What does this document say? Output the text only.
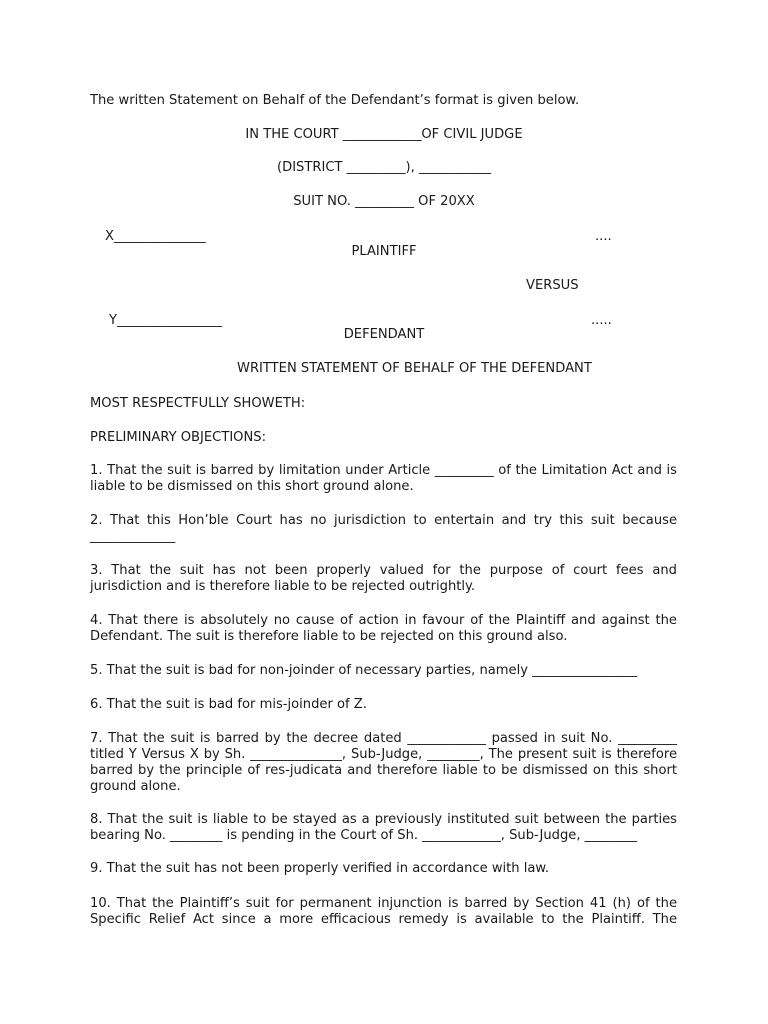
The written Statement on Behalf of the Defendant’s format is given below.
IN THE COURT ____________OF CIVIL JUDGE
(DISTRICT _________), ___________
SUIT NO. _________ OF 20XX
X______________	....
PLAINTIFF
VERSUS
Y________________	.....
DEFENDANT
WRITTEN STATEMENT OF BEHALF OF THE DEFENDANT
MOST RESPECTFULLY SHOWETH:
PRELIMINARY OBJECTIONS:
1. That the suit is barred by limitation under Article _________ of the Limitation Act and is liable to be dismissed on this short ground alone.
2. That this Hon’ble Court has no jurisdiction to entertain and try this suit because _____________
3. That the suit has not been properly valued for the purpose of court fees and jurisdiction and is therefore liable to be rejected outrightly.
4. That there is absolutely no cause of action in favour of the Plaintiff and against the Defendant. The suit is therefore liable to be rejected on this ground also.
5. That the suit is bad for non-joinder of necessary parties, namely ________________
6. That the suit is bad for mis-joinder of Z.
7. That the suit is barred by the decree dated ____________ passed in suit No. _________ titled Y Versus X by Sh. ______________, Sub-Judge, ________, The present suit is therefore barred by the principle of res-judicata and therefore liable to be dismissed on this short ground alone.
8. That the suit is liable to be stayed as a previously instituted suit between the parties bearing No. ________ is pending in the Court of Sh. ____________, Sub-Judge, ________
9. That the suit has not been properly verified in accordance with law.
10. That the Plaintiff’s suit for permanent injunction is barred by Section 41 (h) of the Specific Relief Act since a more efficacious remedy is available to the Plaintiff. The
